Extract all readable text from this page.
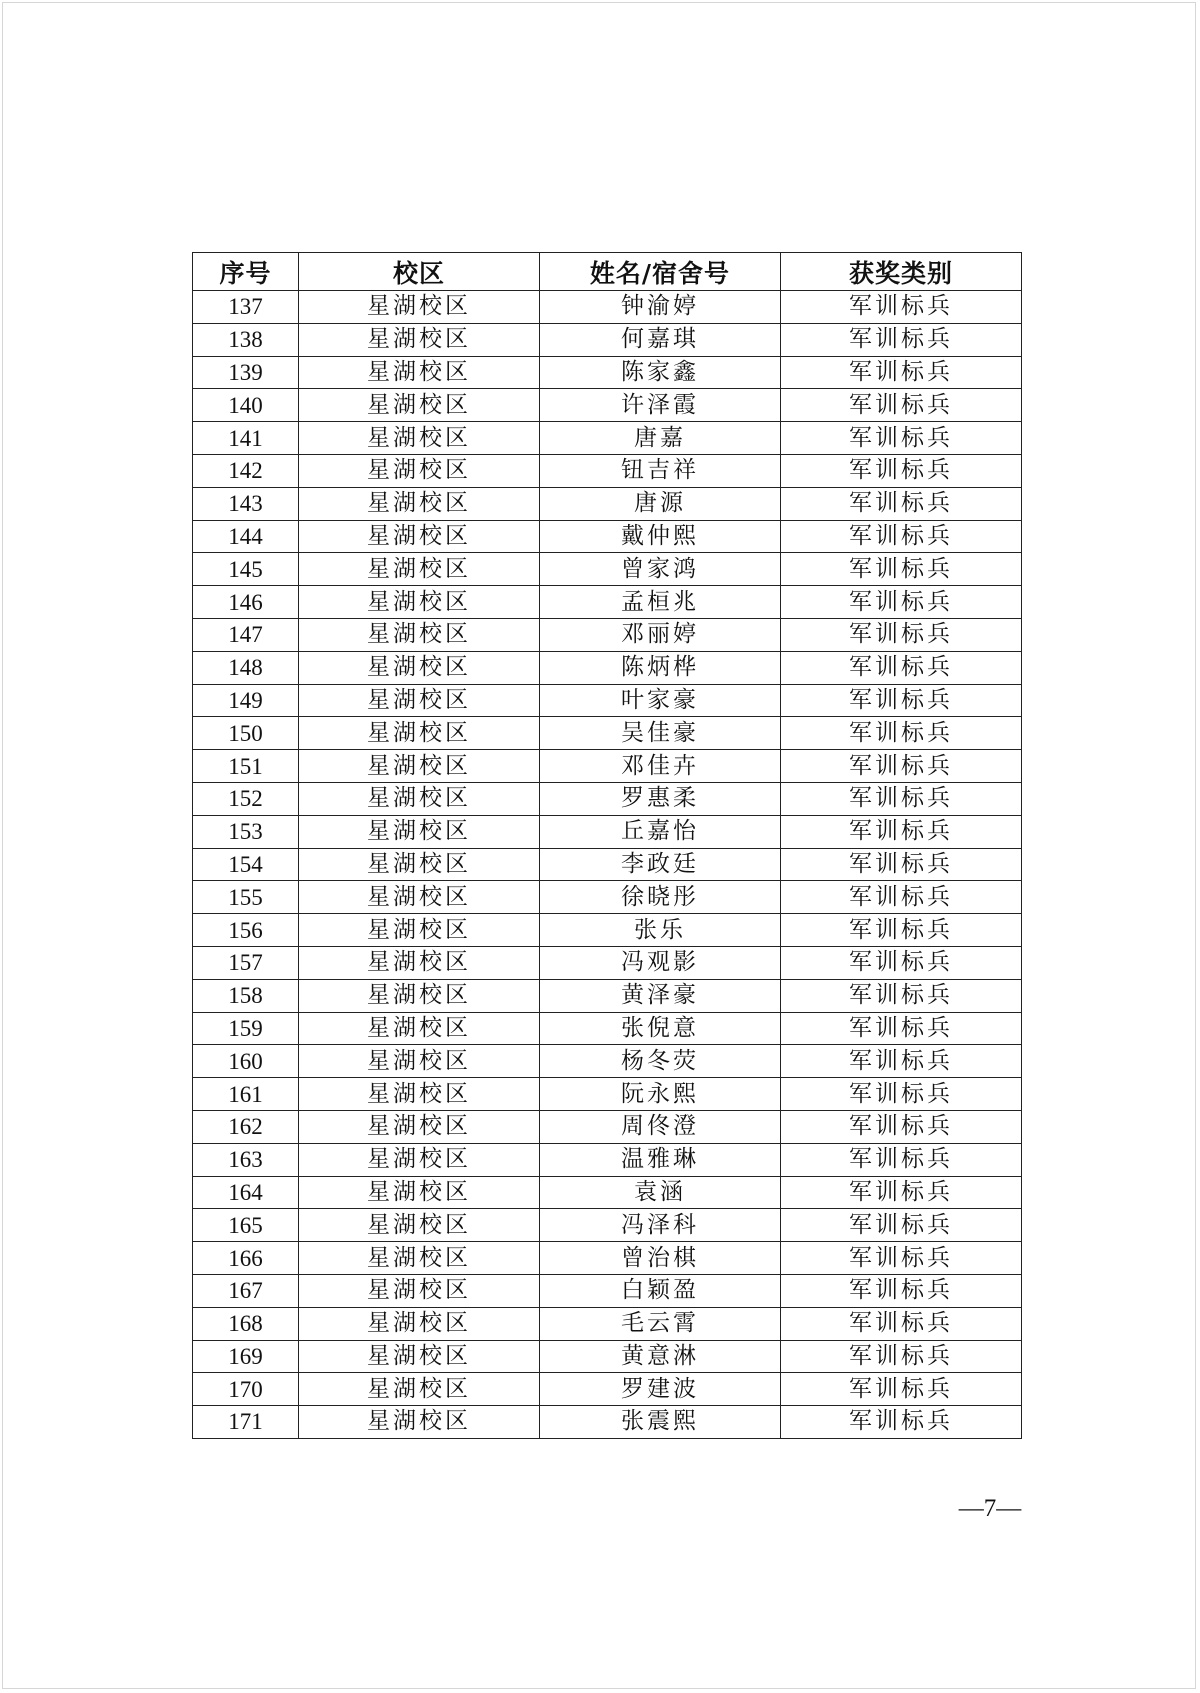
序号	校区	姓名/宿舍号	获奖类别
137	星湖校区	钟渝婷	军训标兵
138	星湖校区	何嘉琪	军训标兵
139	星湖校区	陈家鑫	军训标兵
140	星湖校区	许泽霞	军训标兵
141	星湖校区	唐嘉	军训标兵
142	星湖校区	钮吉祥	军训标兵
143	星湖校区	唐源	军训标兵
144	星湖校区	戴仲熙	军训标兵
145	星湖校区	曾家鸿	军训标兵
146	星湖校区	孟桓兆	军训标兵
147	星湖校区	邓丽婷	军训标兵
148	星湖校区	陈炳桦	军训标兵
149	星湖校区	叶家豪	军训标兵
150	星湖校区	吴佳豪	军训标兵
151	星湖校区	邓佳卉	军训标兵
152	星湖校区	罗惠柔	军训标兵
153	星湖校区	丘嘉怡	军训标兵
154	星湖校区	李政廷	军训标兵
155	星湖校区	徐晓彤	军训标兵
156	星湖校区	张乐	军训标兵
157	星湖校区	冯观影	军训标兵
158	星湖校区	黄泽豪	军训标兵
159	星湖校区	张倪意	军训标兵
160	星湖校区	杨冬荧	军训标兵
161	星湖校区	阮永熙	军训标兵
162	星湖校区	周佟澄	军训标兵
163	星湖校区	温雅琳	军训标兵
164	星湖校区	袁涵	军训标兵
165	星湖校区	冯泽科	军训标兵
166	星湖校区	曾治棋	军训标兵
167	星湖校区	白颖盈	军训标兵
168	星湖校区	毛云霄	军训标兵
169	星湖校区	黄意淋	军训标兵
170	星湖校区	罗建波	军训标兵
171	星湖校区	张震熙	军训标兵
—7—
